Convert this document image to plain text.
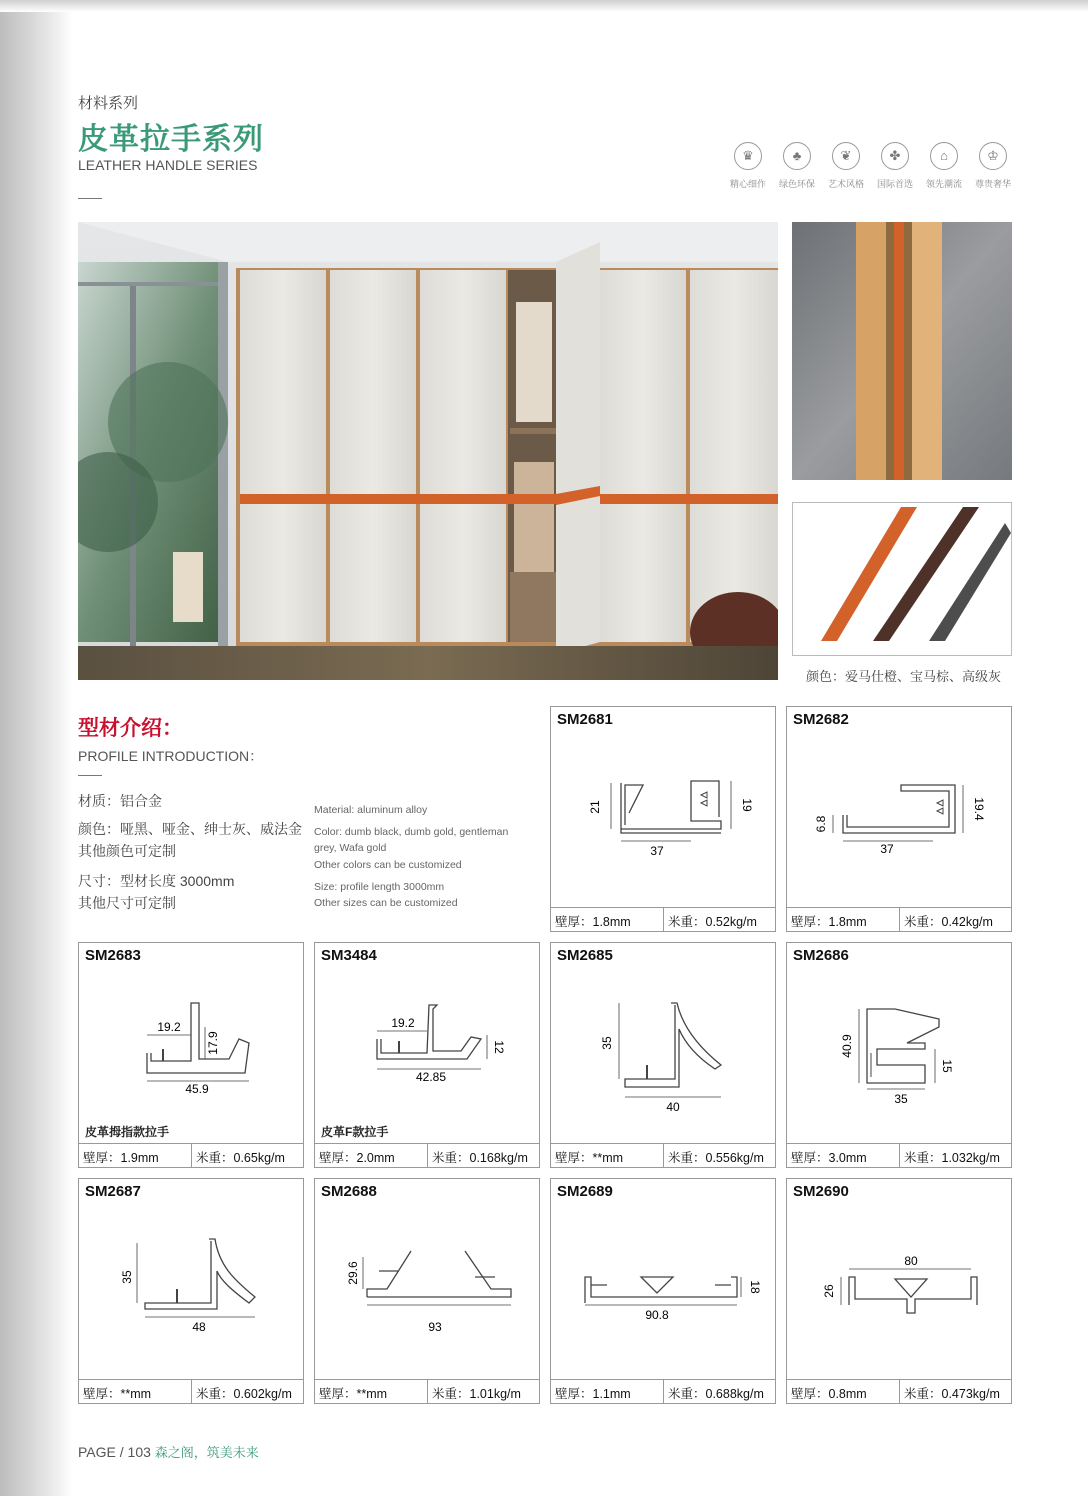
材料系列
皮革拉手系列
LEATHER HANDLE SERIES
♛
精心细作
♣
绿色环保
❦
艺术风格
✤
国际首选
⌂
领先潮流
♔
尊贵奢华
颜色：爱马仕橙、宝马棕、高级灰
型材介绍：
PROFILE INTRODUCTION：
材质：铝合金
颜色：哑黑、哑金、绅士灰、威法金
其他颜色可定制
尺寸：型材长度 3000mm
其他尺寸可定制
Material: aluminum alloy
Color: dumb black, dumb gold, gentleman
grey, Wafa gold
Other colors can be customized
Size: profile length 3000mm
Other sizes can be customized
SM2681
21	19
37
壁厚：1.8mm	米重：0.52kg/m
SM2682
6.8
19.4
37
壁厚：1.8mm	米重：0.42kg/m
SM2683
19.2
17.9
45.9
皮革拇指款拉手
壁厚：1.9mm	米重：0.65kg/m
SM3484
19.2
12
42.85
皮革F款拉手
壁厚：2.0mm	米重：0.168kg/m
SM2685
35
40
壁厚：**mm	米重：0.556kg/m
SM2686
40.9
15
35
壁厚：3.0mm	米重：1.032kg/m
SM2687
35
48
壁厚：**mm	米重：0.602kg/m
SM2688
29.6
93
壁厚：**mm	米重：1.01kg/m
SM2689
18
90.8
壁厚：1.1mm	米重：0.688kg/m
SM2690
80
26
壁厚：0.8mm	米重：0.473kg/m
PAGE / 103 森之阁，筑美未来
